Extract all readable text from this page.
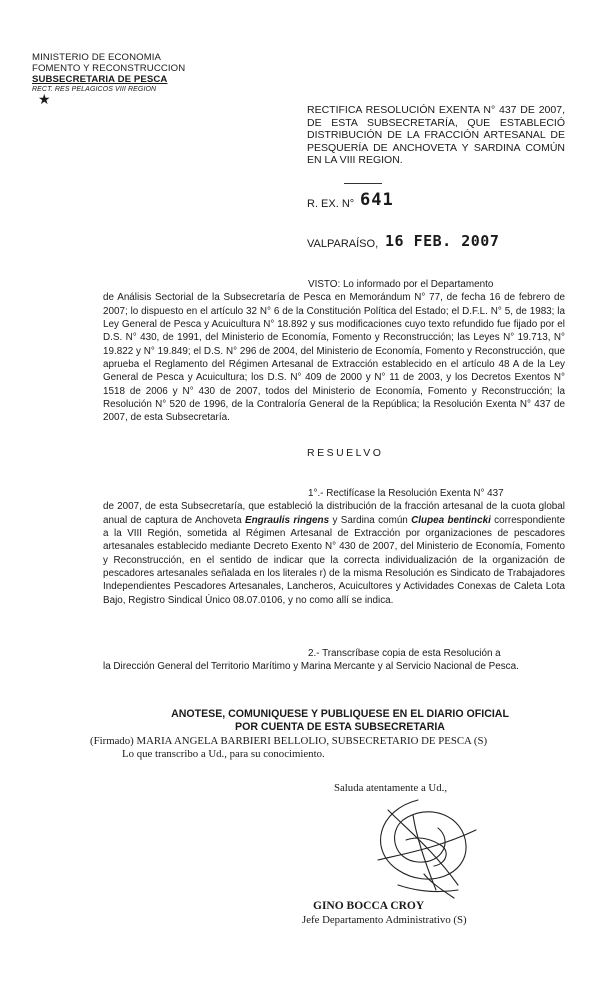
MINISTERIO DE ECONOMIA
FOMENTO Y RECONSTRUCCION
SUBSECRETARIA DE PESCA
RECT. RES PELAGICOS VIII REGION
★
RECTIFICA RESOLUCIÓN EXENTA N° 437 DE 2007, DE ESTA SUBSECRETARÍA, QUE ESTABLECIÓ DISTRIBUCIÓN DE LA FRACCIÓN ARTESANAL DE PESQUERÍA DE ANCHOVETA Y SARDINA COMÚN EN LA VIII REGION.
R. EX. N° 641
VALPARAÍSO, 16 FEB. 2007

VISTO: Lo informado por el Departamento
de Análisis Sectorial de la Subsecretaría de Pesca en Memorándum N° 77, de fecha 16 de febrero de 2007; lo dispuesto en el artículo 32 N° 6 de la Constitución Política del Estado; el D.F.L. N° 5, de 1983; la Ley General de Pesca y Acuicultura N° 18.892 y sus modificaciones cuyo texto refundido fue fijado por el D.S. N° 430, de 1991, del Ministerio de Economía, Fomento y Reconstrucción; las Leyes N° 19.713, N° 19.822 y N° 19.849; el D.S. N° 296 de 2004, del Ministerio de Economía, Fomento y Reconstrucción, que aprueba el Reglamento del Régimen Artesanal de Extracción establecido en el artículo 48 A de la Ley General de Pesca y Acuicultura; los D.S. N° 409 de 2000 y N° 11 de 2003, y los Decretos Exentos N° 1518 de 2006 y N° 430 de 2007, todos del Ministerio de Economía, Fomento y Reconstrucción; la Resolución N° 520 de 1996, de la Contraloría General de la República; la Resolución Exenta N° 437 de 2007, de esta Subsecretaría.

RESUELVO

1°.- Rectifícase la Resolución Exenta N° 437
de 2007, de esta Subsecretaría, que estableció la distribución de la fracción artesanal de la cuota global anual de captura de Anchoveta Engraulis ringens y Sardina común Clupea bentincki correspondiente a la VIII Región, sometida al Régimen Artesanal de Extracción por organizaciones de pescadores artesanales establecido mediante Decreto Exento N° 430 de 2007, del Ministerio de Economía, Fomento y Reconstrucción, en el sentido de indicar que la correcta individualización de la organización de pescadores artesanales señalada en los literales r) de la misma Resolución es Sindicato de Trabajadores Independientes Pescadores Artesanales, Lancheros, Acuicultores y Actividades Conexas de Caleta Lota Bajo, Registro Sindical Único 08.07.0106, y no como allí se indica.

2.- Transcríbase copia de esta Resolución a
la Dirección General del Territorio Marítimo y Marina Mercante y al Servicio Nacional de Pesca.

ANOTESE, COMUNIQUESE Y PUBLIQUESE EN EL DIARIO OFICIAL
POR CUENTA DE ESTA SUBSECRETARIA
(Firmado) MARIA ANGELA BARBIERI BELLOLIO, SUBSECRETARIO DE PESCA (S)
Lo que transcribo a Ud., para su conocimiento.
Saluda atentamente a Ud.,
GINO BOCCA CROY
Jefe Departamento Administrativo (S)
